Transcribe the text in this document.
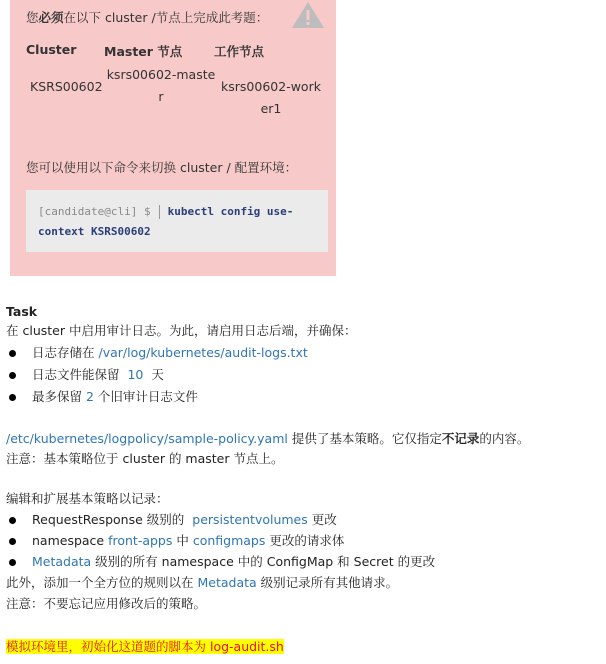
您必须在以下 cluster /节点上完成此考题：
Cluster Master 节点	工作节点
KSRS00602
ksrs00602-maste
r
ksrs00602-work
er1
您可以使用以下命令来切换 cluster / 配置环境：
[candidate@cli] $ kubectl config use-
context KSRS00602
Task
在 cluster 中启用审计日志。为此，请启用日志后端，并确保：
日志存储在 /var/log/kubernetes/audit-logs.txt
日志文件能保留 10 天
最多保留 2 个旧审计日志文件
/etc/kubernetes/logpolicy/sample-policy.yaml 提供了基本策略。它仅指定不记录的内容。
注意：基本策略位于 cluster 的 master 节点上。
编辑和扩展基本策略以记录：
RequestResponse 级别的 persistentvolumes 更改
namespace front-apps 中 configmaps 更改的请求体
Metadata 级别的所有 namespace 中的 ConfigMap 和 Secret 的更改
此外，添加一个全方位的规则以在 Metadata 级别记录所有其他请求。
注意：不要忘记应用修改后的策略。
模拟环境里，初始化这道题的脚本为 log-audit.sh
